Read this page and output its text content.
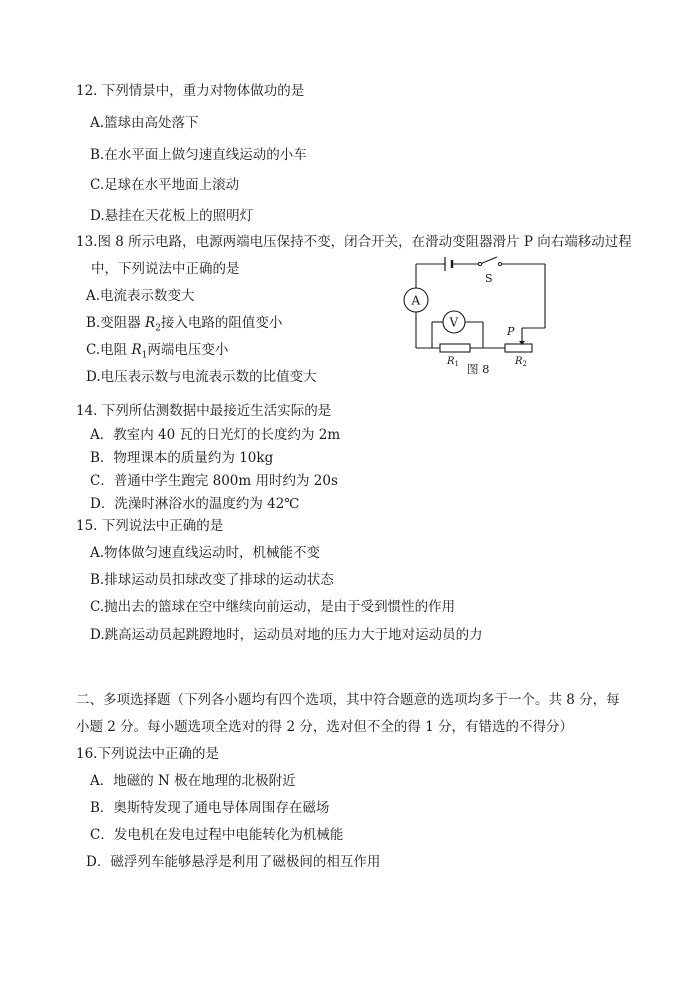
12. 下列情景中，重力对物体做功的是
A.篮球由高处落下
B.在水平面上做匀速直线运动的小车
C.足球在水平地面上滚动
D.悬挂在天花板上的照明灯
13.图 8 所示电路，电源两端电压保持不变，闭合开关，在滑动变阻器滑片 P 向右端移动过程
中，下列说法中正确的是
A.电流表示数变大
B.变阻器 $R_2$接入电路的阻值变小
C.电阻 $R_1$两端电压变小
D.电压表示数与电流表示数的比值变大
S
A
V
$R_1$
P
$R_2$
图 8
14. 下列所估测数据中最接近生活实际的是
A．教室内 40 瓦的日光灯的长度约为 2m
B．物理课本的质量约为 10kg
C．普通中学生跑完 800m 用时约为 20s
D．洗澡时淋浴水的温度约为 42℃
15. 下列说法中正确的是
A.物体做匀速直线运动时，机械能不变
B.排球运动员扣球改变了排球的运动状态
C.抛出去的篮球在空中继续向前运动，是由于受到惯性的作用
D.跳高运动员起跳蹬地时，运动员对地的压力大于地对运动员的力
二、多项选择题（下列各小题均有四个选项，其中符合题意的选项均多于一个。共 8 分，每
小题 2 分。每小题选项全选对的得 2 分，选对但不全的得 1 分，有错选的不得分）
16.下列说法中正确的是
A．地磁的 N 极在地理的北极附近
B．奥斯特发现了通电导体周围存在磁场
C．发电机在发电过程中电能转化为机械能
D．磁浮列车能够悬浮是利用了磁极间的相互作用
